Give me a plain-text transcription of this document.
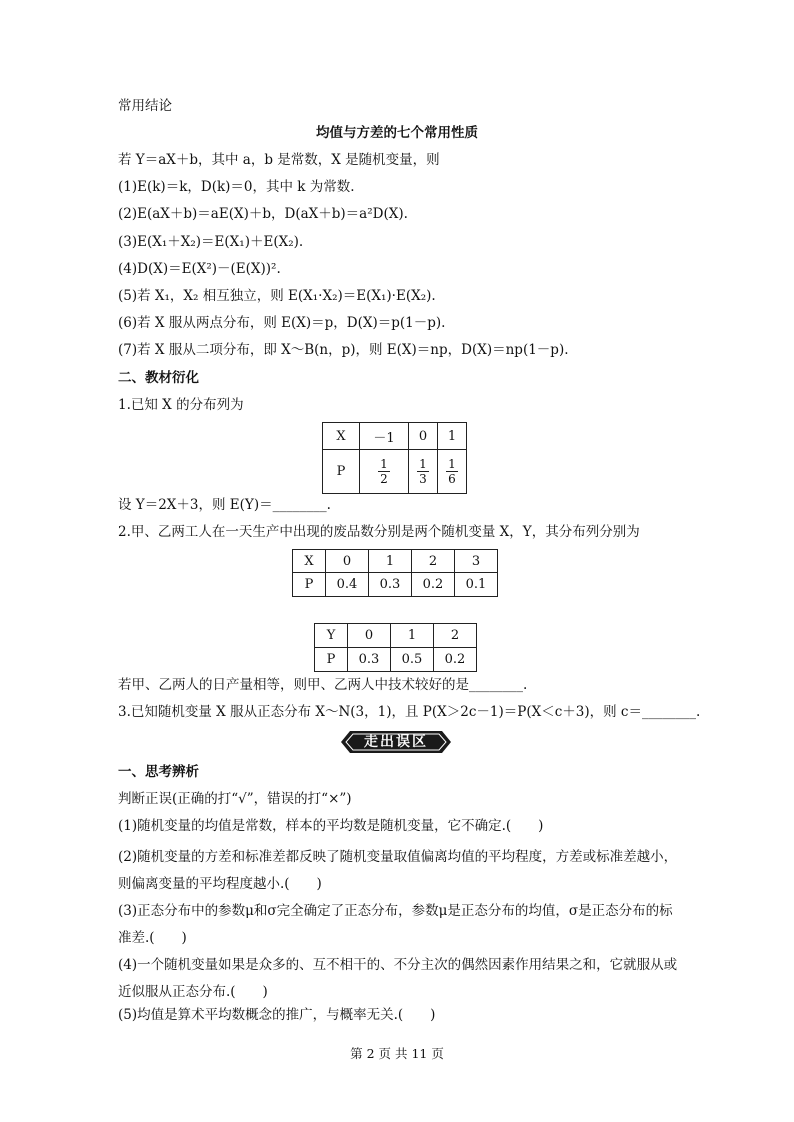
常用结论
均值与方差的七个常用性质
若 Y＝aX＋b，其中 a，b 是常数，X 是随机变量，则
(1)E(k)＝k，D(k)＝0，其中 k 为常数.
(2)E(aX＋b)＝aE(X)＋b，D(aX＋b)＝a²D(X).
(3)E(X₁＋X₂)＝E(X₁)＋E(X₂).
(4)D(X)＝E(X²)－(E(X))².
(5)若 X₁，X₂ 相互独立，则 E(X₁·X₂)＝E(X₁)·E(X₂).
(6)若 X 服从两点分布，则 E(X)＝p，D(X)＝p(1－p).
(7)若 X 服从二项分布，即 X～B(n，p)，则 E(X)＝np，D(X)＝np(1－p).
二、教材衍化
1.已知 X 的分布列为
X	－1	0	1
P	$\frac{1}{2}$	$\frac{1}{3}$	$\frac{1}{6}$
设 Y＝2X＋3，则 E(Y)＝________.
2.甲、乙两工人在一天生产中出现的废品数分别是两个随机变量 X，Y，其分布列分别为
X	0	1	2	3
P	0.4	0.3	0.2	0.1
Y	0	1	2
P	0.3	0.5	0.2
若甲、乙两人的日产量相等，则甲、乙两人中技术较好的是________.
3.已知随机变量 X 服从正态分布 X～N(3，1)，且 P(X＞2c－1)＝P(X＜c＋3)，则 c＝________.
走出误区
一、思考辨析
判断正误(正确的打“√”，错误的打“×”)
(1)随机变量的均值是常数，样本的平均数是随机变量，它不确定.(　　)
(2)随机变量的方差和标准差都反映了随机变量取值偏离均值的平均程度，方差或标准差越小，则偏离变量的平均程度越小.(　　)
(3)正态分布中的参数μ和σ完全确定了正态分布，参数μ是正态分布的均值，σ是正态分布的标准差.(　　)
(4)一个随机变量如果是众多的、互不相干的、不分主次的偶然因素作用结果之和，它就服从或近似服从正态分布.(　　)
(5)均值是算术平均数概念的推广，与概率无关.(　　)
第 2 页 共 11 页
